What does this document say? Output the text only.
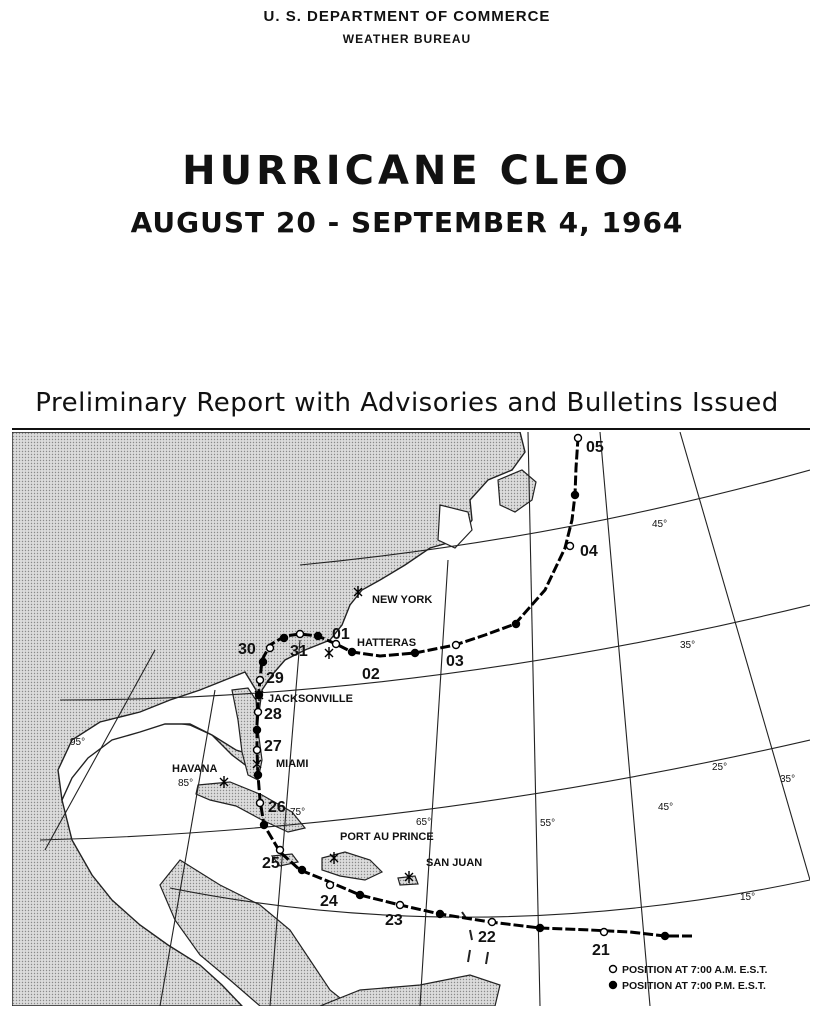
U. S. DEPARTMENT OF COMMERCE
WEATHER BUREAU
HURRICANE CLEO
AUGUST 20 - SEPTEMBER 4, 1964
Preliminary Report with Advisories and Bulletins Issued
45°
35°
25°
15°
95°
85°
75°
65°	55°
45°
35°
NEW YORK
HATTERAS
JACKSONVILLE
MIAMI
HAVANA
PORT AU PRINCE
SAN JUAN
05
04
03
02
01
31
30
29
28
27
26
25
24
23
22
21
POSITION AT 7:00 A.M. E.S.T.
POSITION AT 7:00 P.M. E.S.T.
